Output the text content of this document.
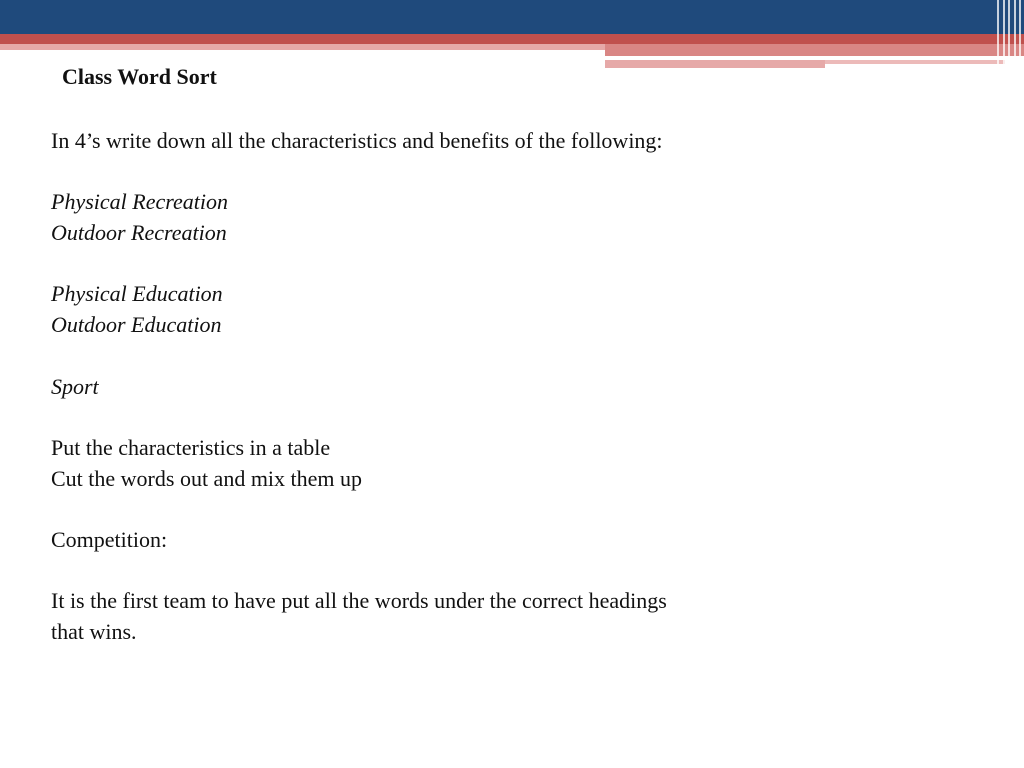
Class Word Sort

In 4’s write down all the characteristics and benefits of the following:

Physical Recreation

Outdoor Recreation

Physical Education

Outdoor Education

Sport

Put the characteristics in a table

Cut the words out and mix them up

Competition:

It is the first team to have put all the words under the correct headings

that wins.
